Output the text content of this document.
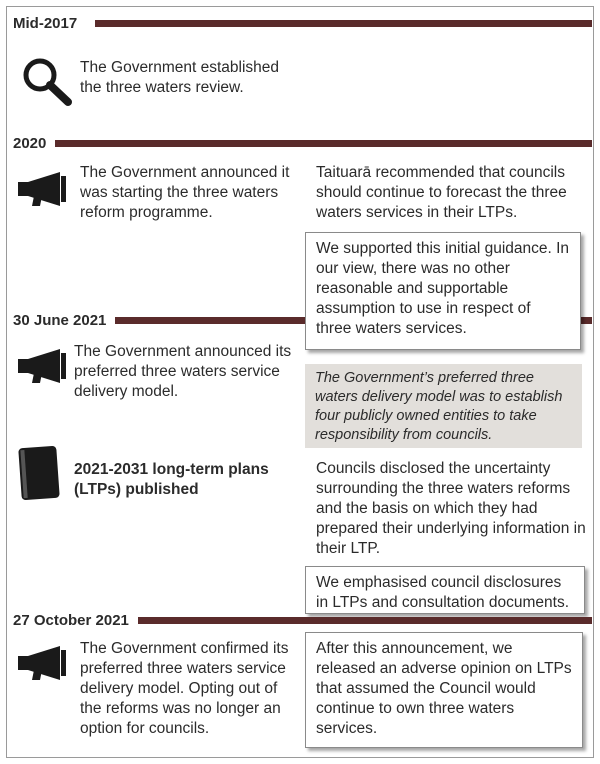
Mid-2017
The Government established the three waters review.
2020
The Government announced it was starting the three waters reform programme.
Taituarā recommended that councils should continue to forecast the three waters services in their LTPs.
30 June 2021
We supported this initial guidance. In our view, there was no other reasonable and supportable assumption to use in respect of three waters services.
The Government announced its preferred three waters service delivery model.
The Government’s preferred three waters delivery model was to establish four publicly owned entities to take responsibility from councils.
2021-2031 long-term plans (LTPs) published
Councils disclosed the uncertainty surrounding the three waters reforms and the basis on which they had prepared their underlying information in their LTP.
We emphasised council disclosures in LTPs and consultation documents.
27 October 2021
The Government confirmed its preferred three waters service delivery model. Opting out of the reforms was no longer an option for councils.
After this announcement, we released an adverse opinion on LTPs that assumed the Council would continue to own three waters services.
